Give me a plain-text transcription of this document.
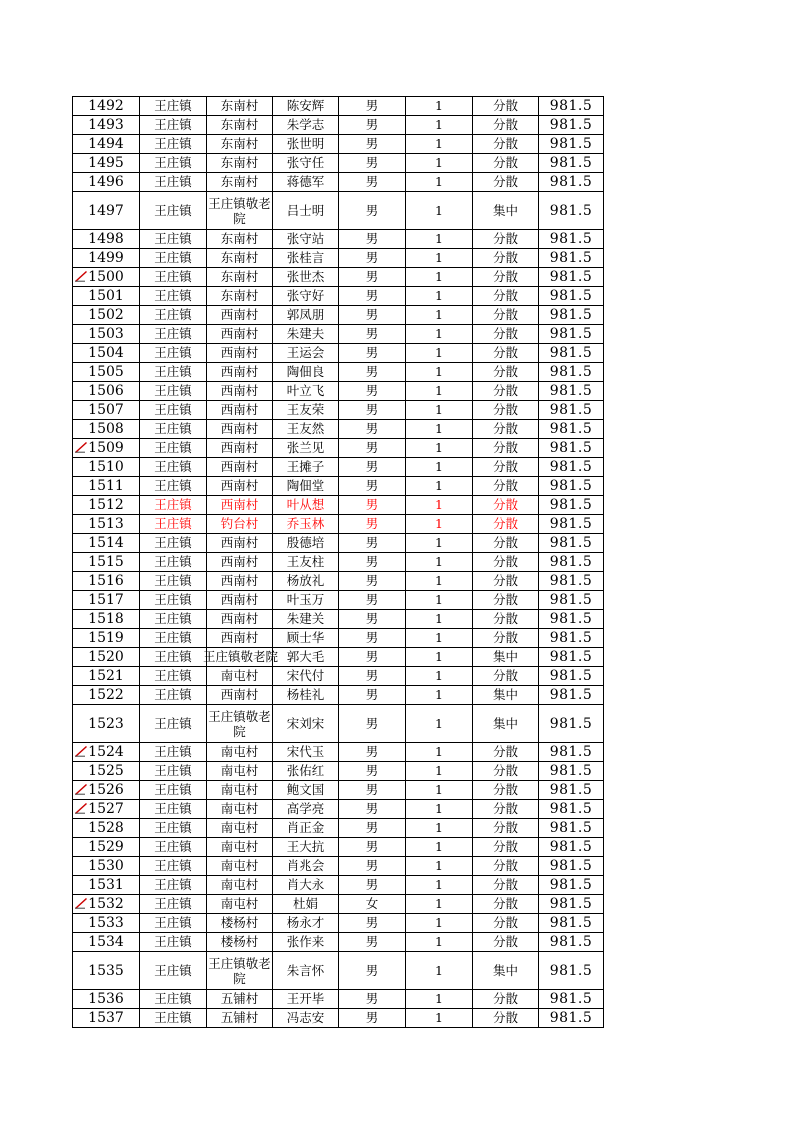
1492	王庄镇	东南村	陈安辉	男	1	分散	981.5
1493	王庄镇	东南村	朱学志	男	1	分散	981.5
1494	王庄镇	东南村	张世明	男	1	分散	981.5
1495	王庄镇	东南村	张守任	男	1	分散	981.5
1496	王庄镇	东南村	蒋德军	男	1	分散	981.5
1497	王庄镇	王庄镇敬老院	吕士明	男	1	集中	981.5
1498	王庄镇	东南村	张守站	男	1	分散	981.5
1499	王庄镇	东南村	张桂言	男	1	分散	981.5

1500	王庄镇	东南村	张世杰	男	1	分散	981.5
1501	王庄镇	东南村	张守好	男	1	分散	981.5
1502	王庄镇	西南村	郭凤朋	男	1	分散	981.5
1503	王庄镇	西南村	朱建夫	男	1	分散	981.5
1504	王庄镇	西南村	王运会	男	1	分散	981.5
1505	王庄镇	西南村	陶佃良	男	1	分散	981.5
1506	王庄镇	西南村	叶立飞	男	1	分散	981.5
1507	王庄镇	西南村	王友荣	男	1	分散	981.5
1508	王庄镇	西南村	王友然	男	1	分散	981.5

1509	王庄镇	西南村	张兰见	男	1	分散	981.5
1510	王庄镇	西南村	王摊子	男	1	分散	981.5
1511	王庄镇	西南村	陶佃堂	男	1	分散	981.5
1512	王庄镇	西南村	叶从想	男	1	分散	981.5
1513	王庄镇	钓台村	乔玉林	男	1	分散	981.5
1514	王庄镇	西南村	殷德培	男	1	分散	981.5
1515	王庄镇	西南村	王友柱	男	1	分散	981.5
1516	王庄镇	西南村	杨放礼	男	1	分散	981.5
1517	王庄镇	西南村	叶玉万	男	1	分散	981.5
1518	王庄镇	西南村	朱建关	男	1	分散	981.5
1519	王庄镇	西南村	顾士华	男	1	分散	981.5
1520	王庄镇	王庄镇敬老院	郭大毛	男	1	集中	981.5
1521	王庄镇	南屯村	宋代付	男	1	分散	981.5
1522	王庄镇	西南村	杨桂礼	男	1	集中	981.5
1523	王庄镇	王庄镇敬老院	宋刘宋	男	1	集中	981.5

1524	王庄镇	南屯村	宋代玉	男	1	分散	981.5
1525	王庄镇	南屯村	张佑红	男	1	分散	981.5

1526	王庄镇	南屯村	鲍文国	男	1	分散	981.5

1527	王庄镇	南屯村	高学亮	男	1	分散	981.5
1528	王庄镇	南屯村	肖正金	男	1	分散	981.5
1529	王庄镇	南屯村	王大抗	男	1	分散	981.5
1530	王庄镇	南屯村	肖兆会	男	1	分散	981.5
1531	王庄镇	南屯村	肖大永	男	1	分散	981.5

1532	王庄镇	南屯村	杜娟	女	1	分散	981.5
1533	王庄镇	楼杨村	杨永才	男	1	分散	981.5
1534	王庄镇	楼杨村	张作来	男	1	分散	981.5
1535	王庄镇	王庄镇敬老院	朱言怀	男	1	集中	981.5
1536	王庄镇	五铺村	王开毕	男	1	分散	981.5
1537	王庄镇	五铺村	冯志安	男	1	分散	981.5
